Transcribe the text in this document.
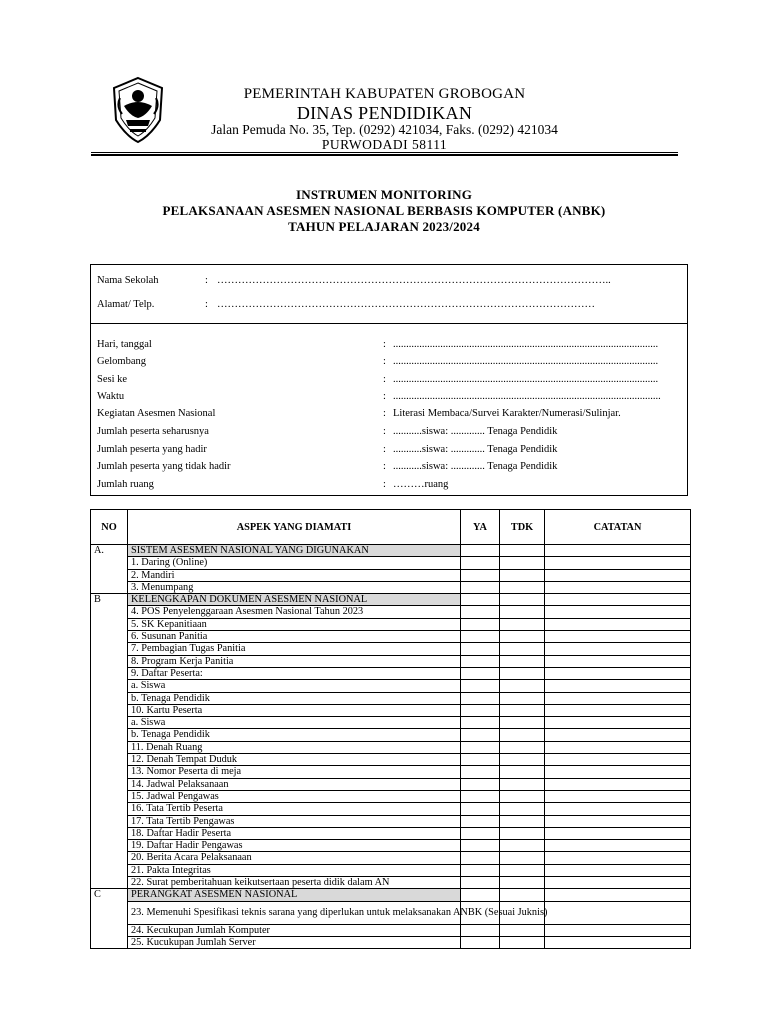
PEMERINTAH KABUPATEN GROBOGAN
DINAS PENDIDIKAN
Jalan Pemuda No. 35, Tep. (0292) 421034, Faks. (0292) 421034
PURWODADI 58111
INSTRUMEN MONITORING
PELAKSANAAN ASESMEN NASIONAL BERBASIS KOMPUTER (ANBK)
TAHUN PELAJARAN 2023/2024
Nama Sekolah	: …………………………………………………………………………………………………..
Alamat/ Telp.	: ………………………………………………………………………………………………
Hari, tanggal	: .....................................................................................................
Gelombang	: .....................................................................................................
Sesi ke	: .....................................................................................................
Waktu	: ......................................................................................................
Kegiatan Asesmen Nasional	: Literasi Membaca/Survei Karakter/Numerasi/Sulinjar.
Jumlah peserta seharusnya	: ...........siswa: ............. Tenaga Pendidik
Jumlah peserta yang hadir	: ...........siswa: ............. Tenaga Pendidik
Jumlah peserta yang tidak hadir	: ...........siswa: ............. Tenaga Pendidik
Jumlah ruang	: ………ruang
NO	ASPEK YANG DIAMATI	YA	TDK	CATATAN
A.	SISTEM ASESMEN NASIONAL YANG DIGUNAKAN			
	1. Daring (Online)			
	2. Mandiri			
	3. Menumpang			
B	KELENGKAPAN DOKUMEN ASESMEN NASIONAL			
	4. POS Penyelenggaraan Asesmen Nasional Tahun 2023			
	5. SK Kepanitiaan			
	6. Susunan Panitia			
	7. Pembagian Tugas Panitia			
	8. Program Kerja Panitia			
	9. Daftar Peserta:			
	a. Siswa			
	b. Tenaga Pendidik			
	10. Kartu Peserta			
	a. Siswa			
	b. Tenaga Pendidik			
	11. Denah Ruang			
	12. Denah Tempat Duduk			
	13. Nomor Peserta di meja			
	14. Jadwal Pelaksanaan			
	15. Jadwal Pengawas			
	16. Tata Tertib Peserta			
	17. Tata Tertib Pengawas			
	18. Daftar Hadir Peserta			
	19. Daftar Hadir Pengawas			
	20. Berita Acara Pelaksanaan			
	21. Pakta Integritas			
	22. Surat pemberitahuan keikutsertaan peserta didik dalam AN			
C	PERANGKAT ASESMEN NASIONAL			
	23. Memenuhi Spesifikasi teknis sarana yang diperlukan untuk melaksanakan ANBK (Sesuai Juknis)			
	24. Kecukupan Jumlah Komputer			
	25. Kucukupan Jumlah Server			
